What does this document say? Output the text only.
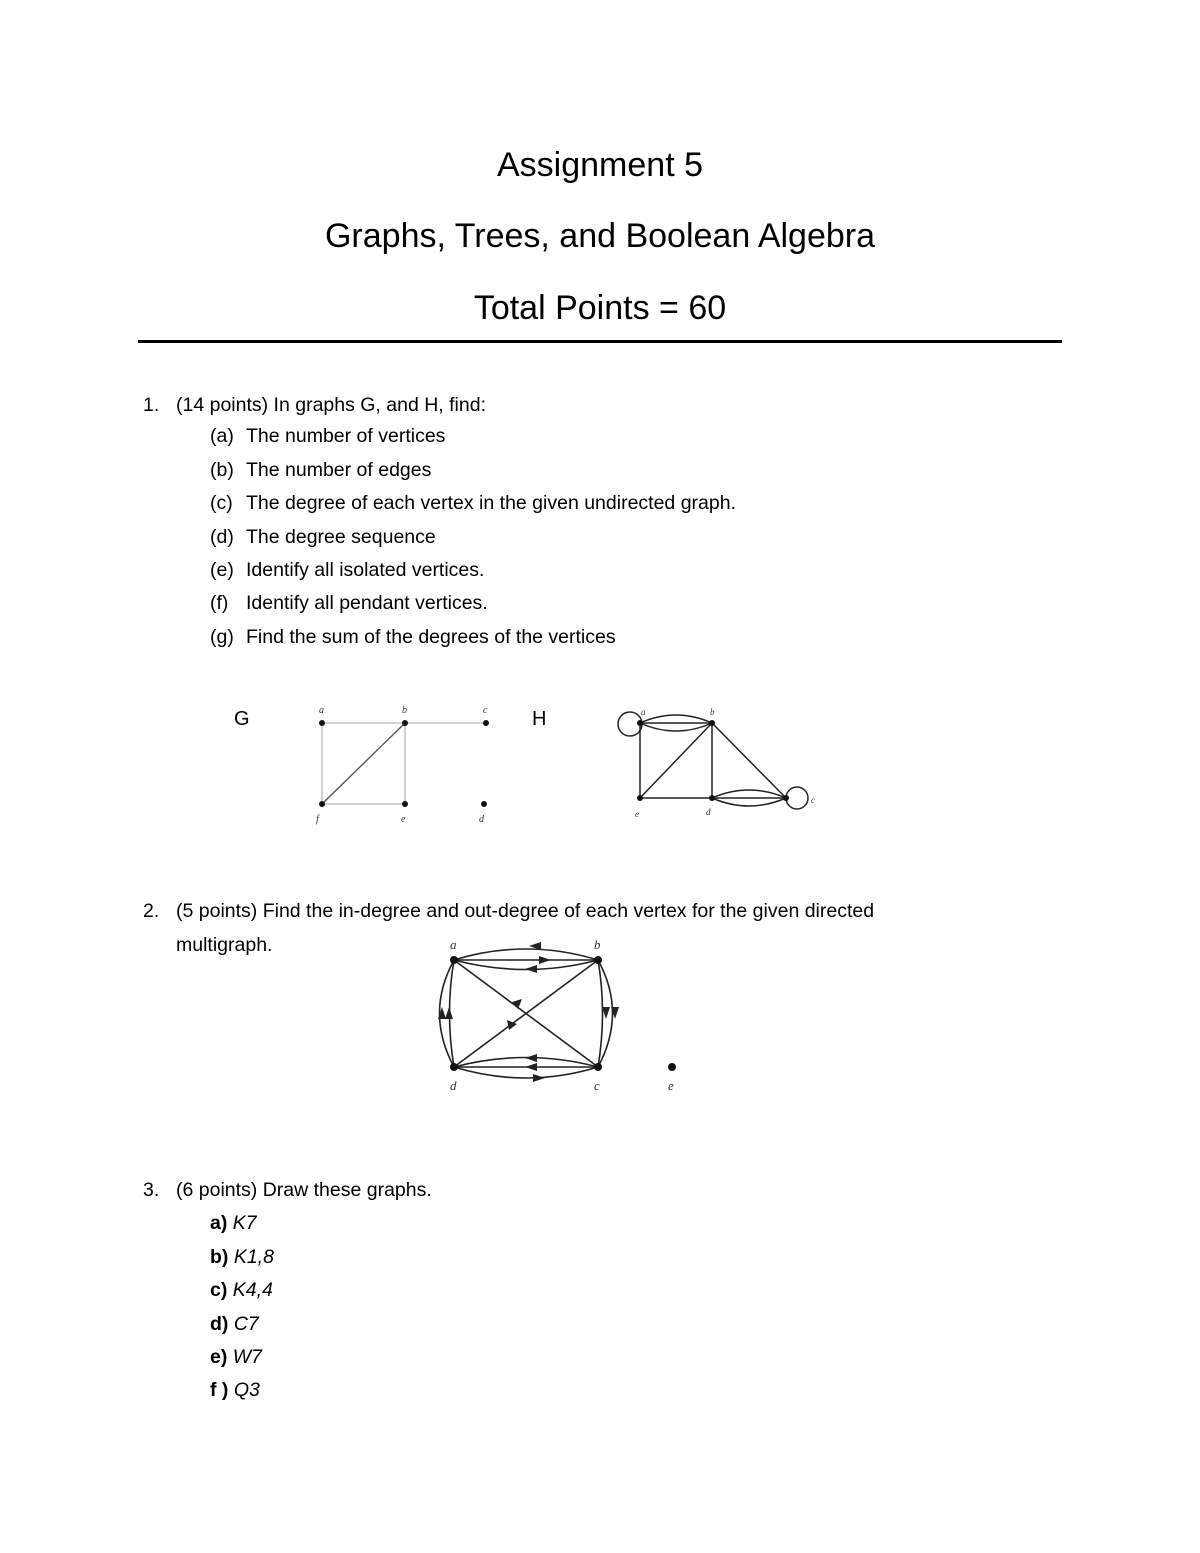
Assignment 5
Graphs, Trees, and Boolean Algebra
Total Points = 60
1. (14 points) In graphs G, and H, find:
(a) The number of vertices
(b) The number of edges
(c) The degree of each vertex in the given undirected graph.
(d) The degree sequence
(e) Identify all isolated vertices.
(f) Identify all pendant vertices.
(g) Find the sum of the degrees of the vertices
G	H
a	b	c
f	e	d
a	b
e	d
c
2. (5 points) Find the in-degree and out-degree of each vertex for the given directed
multigraph.	a	b
d	c	e
3. (6 points) Draw these graphs.
a) K7
b) K1,8
c) K4,4
d) C7
e) W7
f ) Q3
